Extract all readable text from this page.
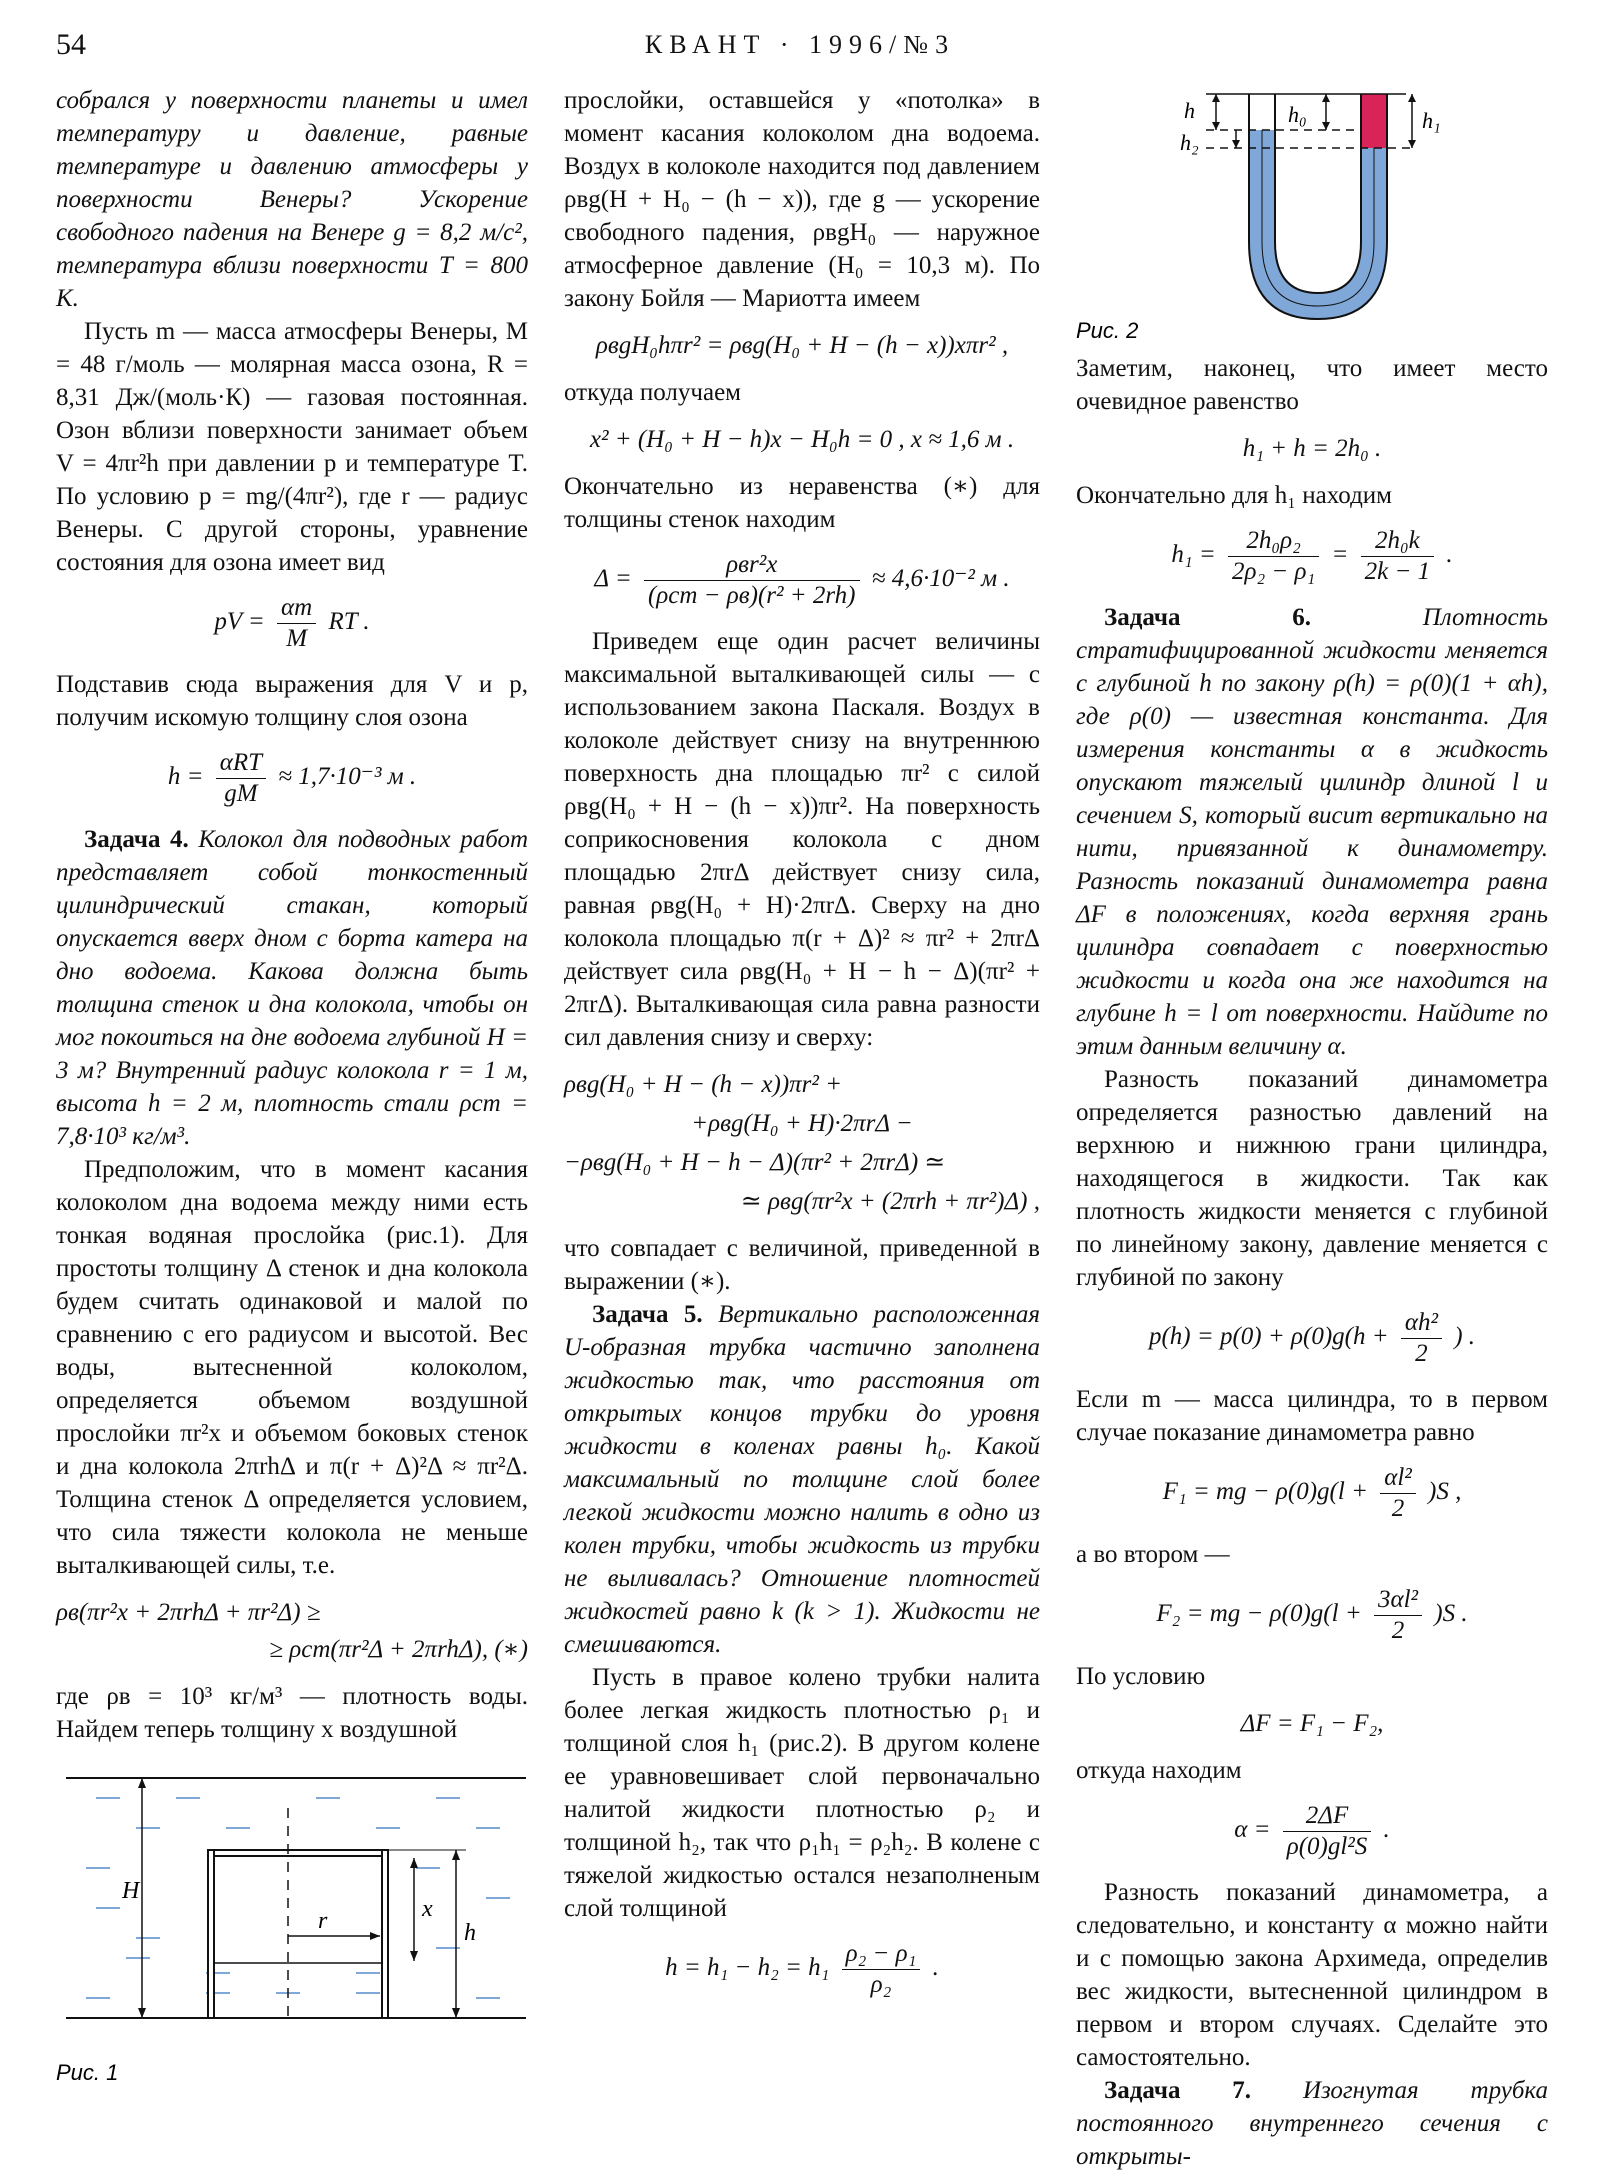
54	КВАНТ · 1996/№3

собрался у поверхности планеты и имел температуру и давление, равные температуре и давлению атмосферы у поверхности Венеры? Ускорение свободного падения на Венере g = 8,2 м/с², температура вблизи поверхности T = 800 К.

Пусть m — масса атмосферы Венеры, M = 48 г/моль — молярная масса озона, R = 8,31 Дж/(моль·К) — газовая постоянная. Озон вблизи поверхности занимает объем V = 4πr²h при давлении p и температуре T. По условию p = mg/(4πr²), где r — радиус Венеры. С другой стороны, уравнение состояния для озона имеет вид

pV = $\frac{\alpha m}{M}$ RT .

Подставив сюда выражения для V и p, получим искомую толщину слоя озона

$h = \frac{\text{αRT}}{gM} \approx 1,7\cdot 10^{-3}$ м .

Задача 4. Колокол для подводных работ представляет собой тонкостенный цилиндрический стакан, который опускается вверх дном с борта катера на дно водоема. Какова должна быть толщина стенок и дна колокола, чтобы он мог покоиться на дне водоема глубиной H = 3 м? Внутренний радиус колокола r = 1 м, высота h = 2 м, плотность стали ρст = 7,8·10³ кг/м³.

Предположим, что в момент касания колоколом дна водоема между ними есть тонкая водяная прослойка (рис.1). Для простоты толщину Δ стенок и дна колокола будем считать одинаковой и малой по сравнению с его радиусом и высотой. Вес воды, вытесненной колоколом, определяется объемом воздушной прослойки πr²x и объемом боковых стенок и дна колокола 2πrhΔ и π(r + Δ)²Δ ≈ πr²Δ. Толщина стенок Δ определяется условием, что сила тяжести колокола не меньше выталкивающей силы, т.е.

ρв(πr²x + 2πrhΔ + πr²Δ) ≥
≥ ρст(πr²Δ + 2πrhΔ), (∗)

где ρв = 10³ кг/м³ — плотность воды. Найдем теперь толщину x воздушной

H
r	x
h
Рис. 1

прослойки, оставшейся у «потолка» в момент касания колоколом дна водоема. Воздух в колоколе находится под давлением ρвg(H + H₀ − (h − x)), где g — ускорение свободного падения, ρвgH₀ — наружное атмосферное давление (H₀ = 10,3 м). По закону Бойля — Мариотта имеем

ρвgH₀hπr² = ρвg(H₀ + H − (h − x))xπr² ,

откуда получаем

x² + (H₀ + H − h)x − H₀h = 0 , x ≈ 1,6 м .

Окончательно из неравенства (∗) для толщины стенок находим

$\Delta = \frac{\text{ρвr²x}}{\text{(ρст − ρв)(r² + 2rh)}} \approx 4,6\cdot 10^{-2}$ м .

Приведем еще один расчет величины максимальной выталкивающей силы — с использованием закона Паскаля. Воздух в колоколе действует снизу на внутреннюю поверхность дна площадью πr² с силой ρвg(H₀ + H − (h − x))πr². На поверхность соприкосновения колокола с дном площадью 2πrΔ действует снизу сила, равная ρвg(H₀ + H)·2πrΔ. Сверху на дно колокола площадью π(r + Δ)² ≈ πr² + 2πrΔ действует сила ρвg(H₀ + H − h − Δ)(πr² + 2πrΔ). Выталкивающая сила равна разности сил давления снизу и сверху:

ρвg(H₀ + H − (h − x))πr² +
+ρвg(H₀ + H)·2πrΔ −
−ρвg(H₀ + H − h − Δ)(πr² + 2πrΔ) ≃
≃ ρвg(πr²x + (2πrh + πr²)Δ) ,

что совпадает с величиной, приведенной в выражении (∗).

Задача 5. Вертикально расположенная U-образная трубка частично заполнена жидкостью так, что расстояния от открытых концов трубки до уровня жидкости в коленах равны h₀. Какой максимальный по толщине слой более легкой жидкости можно налить в одно из колен трубки, чтобы жидкость из трубки не выливалась? Отношение плотностей жидкостей равно k (k > 1). Жидкости не смешиваются.

Пусть в правое колено трубки налита более легкая жидкость плотностью ρ₁ и толщиной слоя h₁ (рис.2). В другом колене ее уравновешивает слой первоначально налитой жидкости плотностью ρ₂ и толщиной h₂, так что ρ₁h₁ = ρ₂h₂. В колене с тяжелой жидкостью остался незаполненым слой толщиной

$h = h_1 - h_2 = h_1 \frac{\text{ρ₂ − ρ₁}}{\text{ρ₂}}$ .
h
h₂
h₀	h₁
Рис. 2

Заметим, наконец, что имеет место очевидное равенство

h₁ + h = 2h₀ .

Окончательно для h₁ находим

$h_1 = \frac{\text{2h₀ρ₂}}{\text{2ρ₂ − ρ₁}} = \frac{\text{2h₀k}}{2k - 1}$ .

Задача 6.	Плотность стратифицированной жидкости меняется с глубиной h по закону ρ(h) = ρ(0)(1 + αh), где ρ(0) — известная константа. Для измерения константы α в жидкость опускают тяжелый цилиндр длиной l и сечением S, который висит вертикально на нити, привязанной к динамометру. Разность показаний динамометра равна ΔF в положениях, когда верхняя грань цилиндра совпадает с поверхностью жидкости и когда она же находится на глубине h = l от поверхности. Найдите по этим данным величину α.

Разность показаний динамометра определяется разностью давлений на верхнюю и нижнюю грани цилиндра, находящегося в жидкости. Так как плотность жидкости меняется с глубиной по линейному закону, давление меняется с глубиной по закону

$p(h) = p(0) + \rho(0)g(h + \frac{\text{αh²}}{2}$ ) .

Если m — масса цилиндра, то в первом случае показание динамометра равно

F₁ = mg − $\rho(0)g(l + \frac{\text{αl²}}{2} )S$ ,

а во втором —

F₂ = mg − $\rho(0)g(l + \frac{\text{3αl²}}{2} )S$ .

По условию

ΔF = F₁ − F₂,

откуда находим

$\alpha = \frac{2\Delta F}{\text{ρ(0)gl²S}}$ .

Разность показаний динамометра, а следовательно, и константу α можно найти и с помощью закона Архимеда, определив вес жидкости, вытесненной цилиндром в первом и втором случаях. Сделайте это самостоятельно.

Задача 7. Изогнутая трубка постоянного внутреннего сечения с открыты-
